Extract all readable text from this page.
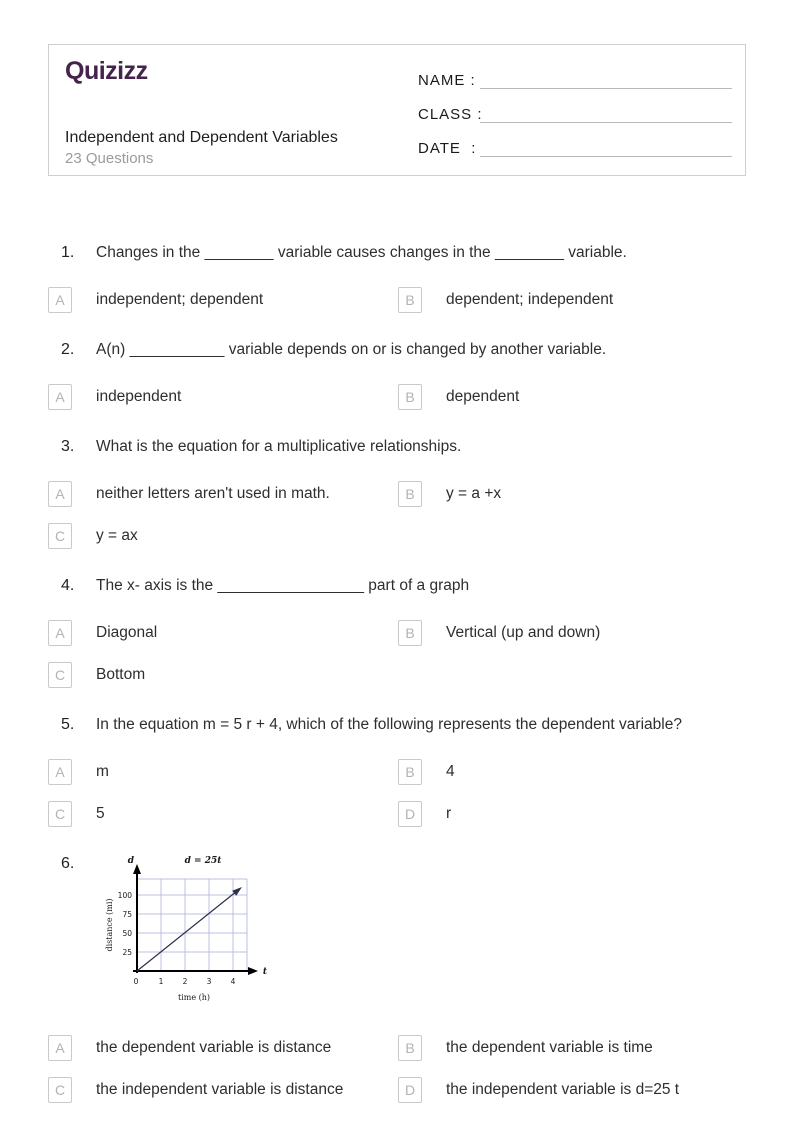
Quizizz
Independent and Dependent Variables
23 Questions
NAME :
CLASS :
DATE  :
1.	Changes in the ________ variable causes changes in the ________ variable.
A	independent; dependent	B	dependent; independent
2.	A(n) ___________ variable depends on or is changed by another variable.
A	independent	B	dependent
3.	What is the equation for a multiplicative relationships.
A	neither letters aren't used in math.	B	y = a +x
C	y = ax
4.	The x- axis is the _________________ part of a graph
A	Diagonal	B	Vertical (up and down)
C	Bottom
5.	In the equation m = 5 r + 4, which of the following represents the dependent variable?
A	m	B	4
C	5	D	r
6.	d	d = 25t
100
75
50
25
distance (mi)
0	1	2	3	4
t
time (h)
A	the dependent variable is distance	B	the dependent variable is time
C	the independent variable is distance	D	the independent variable is d=25 t
